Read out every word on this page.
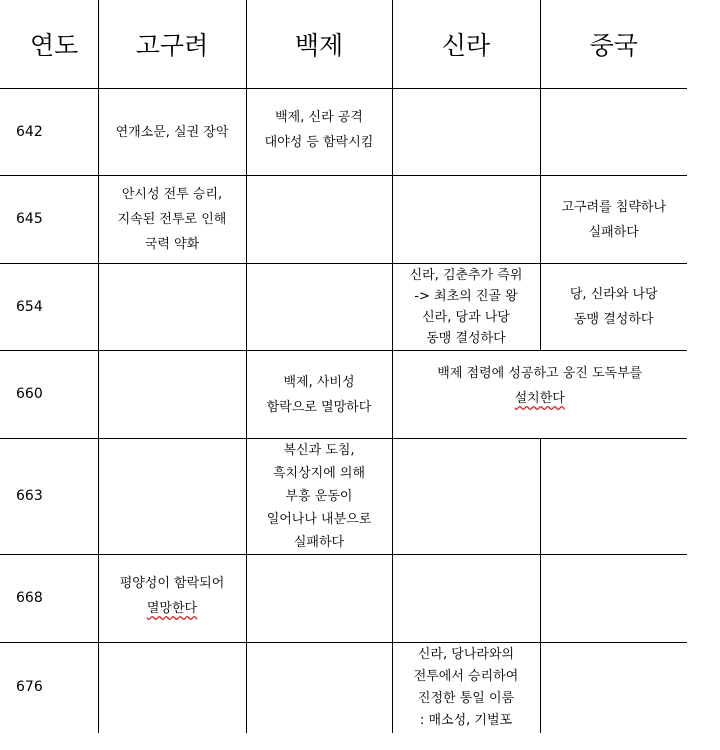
연도	고구려	백제	신라	중국
642	연개소문, 실권 장악	백제, 신라 공격
대야성 등 함락시킴		

645	안시성 전투 승리,
지속된 전투로 인해
국력 약화			고구려를 침략하나
실패하다

654			신라, 김춘추가 즉위
-> 최초의 진골 왕
신라, 당과 나당
동맹 결성하다	당, 신라와 나당
동맹 결성하다

660		백제, 사비성
함락으로 멸망하다	백제 점령에 성공하고 웅진 도독부를
설치한다	

663		복신과 도침,
흑치상지에 의해
부흥 운동이
일어나나 내분으로
실패하다		

668	평양성이 함락되어
멸망한다			

676			신라, 당나라와의
전투에서 승리하여
진정한 통일 이룸
: 매소성, 기벌포	
